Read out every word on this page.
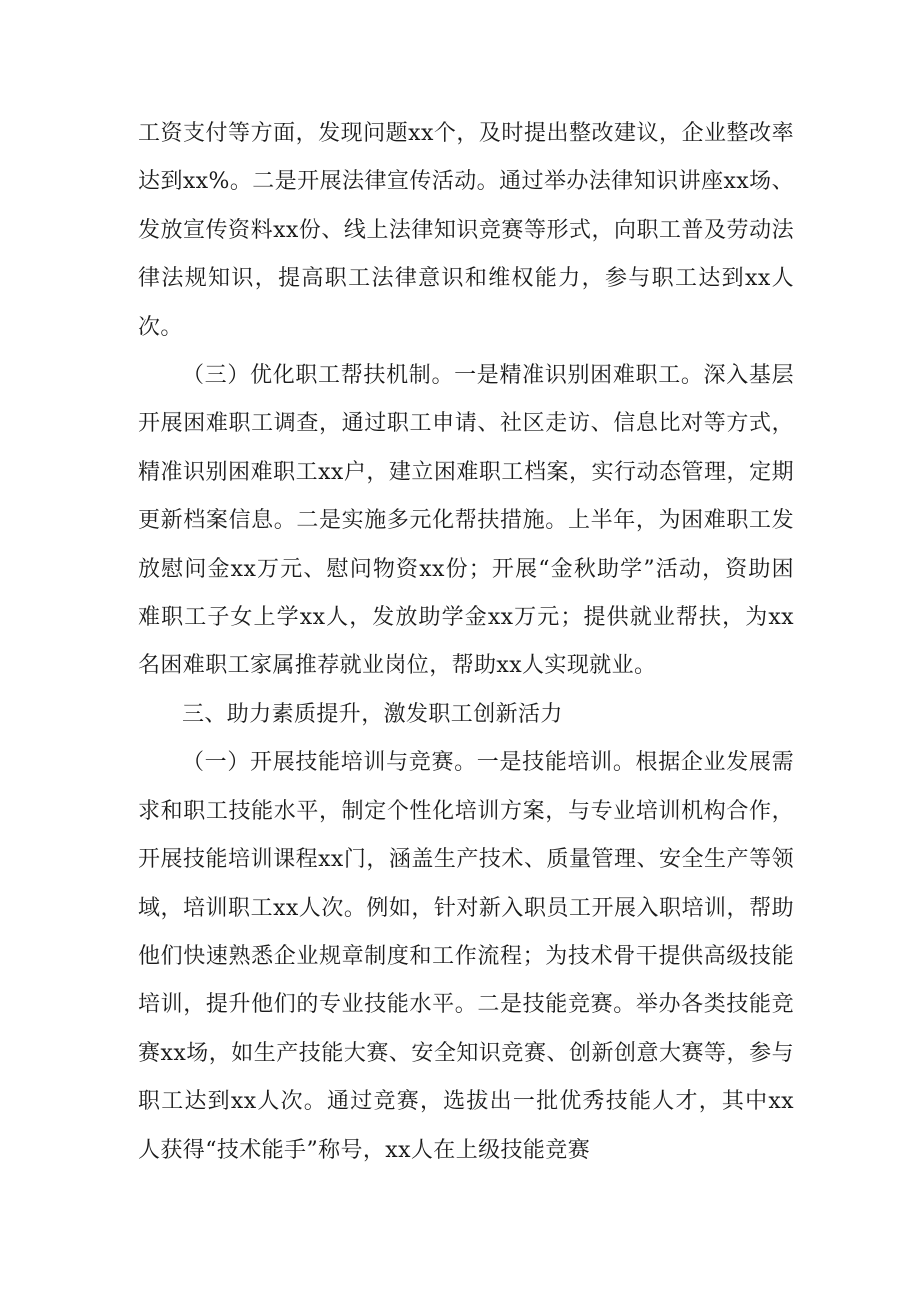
工资支付等方面，发现问题xx个，及时提出整改建议，企业整改率达到xx%。二是开展法律宣传活动。通过举办法律知识讲座xx场、发放宣传资料xx份、线上法律知识竞赛等形式，向职工普及劳动法律法规知识，提高职工法律意识和维权能力，参与职工达到xx人次。

（三）优化职工帮扶机制。一是精准识别困难职工。深入基层开展困难职工调查，通过职工申请、社区走访、信息比对等方式，精准识别困难职工xx户，建立困难职工档案，实行动态管理，定期更新档案信息。二是实施多元化帮扶措施。上半年，为困难职工发放慰问金xx万元、慰问物资xx份；开展“金秋助学”活动，资助困难职工子女上学xx人，发放助学金xx万元；提供就业帮扶，为xx名困难职工家属推荐就业岗位，帮助xx人实现就业。

三、助力素质提升，激发职工创新活力

（一）开展技能培训与竞赛。一是技能培训。根据企业发展需求和职工技能水平，制定个性化培训方案，与专业培训机构合作，开展技能培训课程xx门，涵盖生产技术、质量管理、安全生产等领域，培训职工xx人次。例如，针对新入职员工开展入职培训，帮助他们快速熟悉企业规章制度和工作流程；为技术骨干提供高级技能培训，提升他们的专业技能水平。二是技能竞赛。举办各类技能竞赛xx场，如生产技能大赛、安全知识竞赛、创新创意大赛等，参与职工达到xx人次。通过竞赛，选拔出一批优秀技能人才，其中xx人获得“技术能手”称号，xx人在上级技能竞赛
